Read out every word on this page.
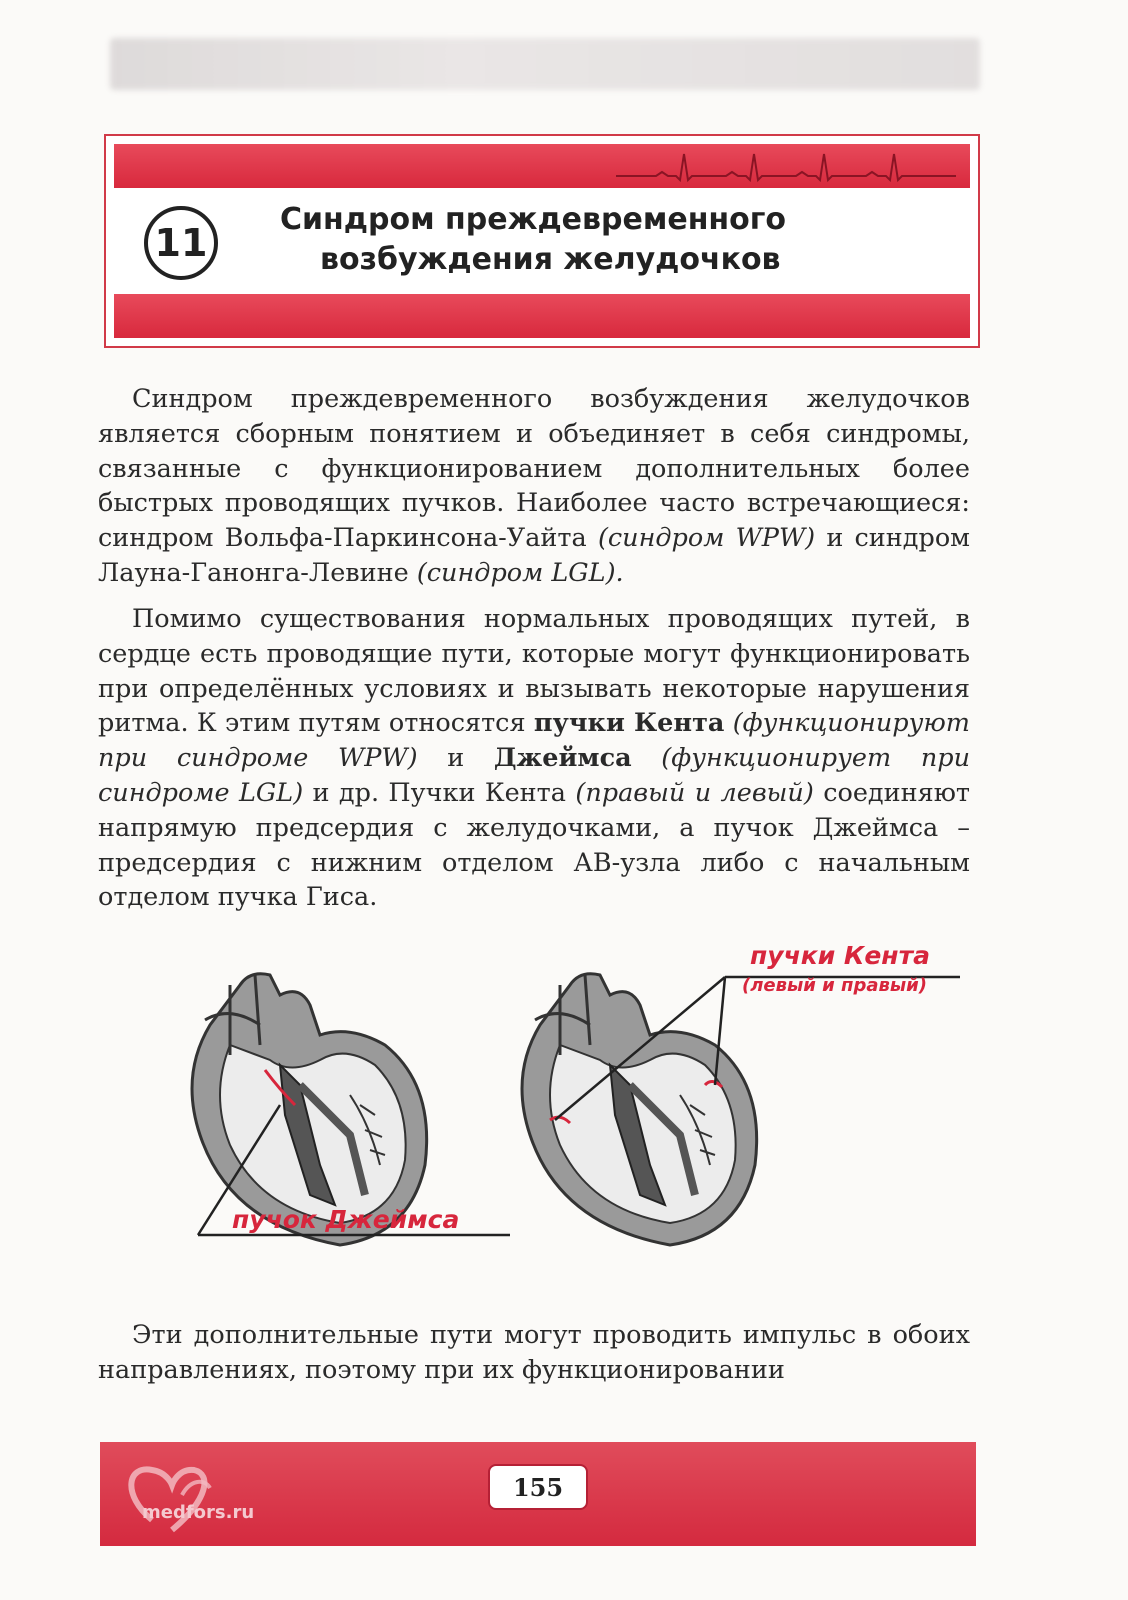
11
Синдром преждевременного
возбуждения желудочков

Синдром преждевременного возбуждения желудочков является сборным понятием и объединяет в себя синдромы, связанные с функционированием дополнительных более быстрых проводящих пучков. Наиболее часто встречающиеся: синдром Вольфа-Паркинсона-Уайта (синдром WPW) и синдром Лауна-Ганонга-Левине (синдром LGL).

Помимо существования нормальных проводящих путей, в сердце есть проводящие пути, которые могут функционировать при определённых условиях и вызывать некоторые нарушения ритма. К этим путям относятся пучки Кента (функционируют при синдроме WPW) и Джеймса (функционирует при синдроме LGL) и др. Пучки Кента (правый и левый) соединяют напрямую предсердия с желудочками, а пучок Джеймса – предсердия с нижним отделом АВ-узла либо с начальным отделом пучка Гиса.

пучки Кента
(левый и правый)
пучок Джеймса

Эти дополнительные пути могут проводить импульс в обоих направлениях, поэтому при их функционировании

medfors.ru
155
